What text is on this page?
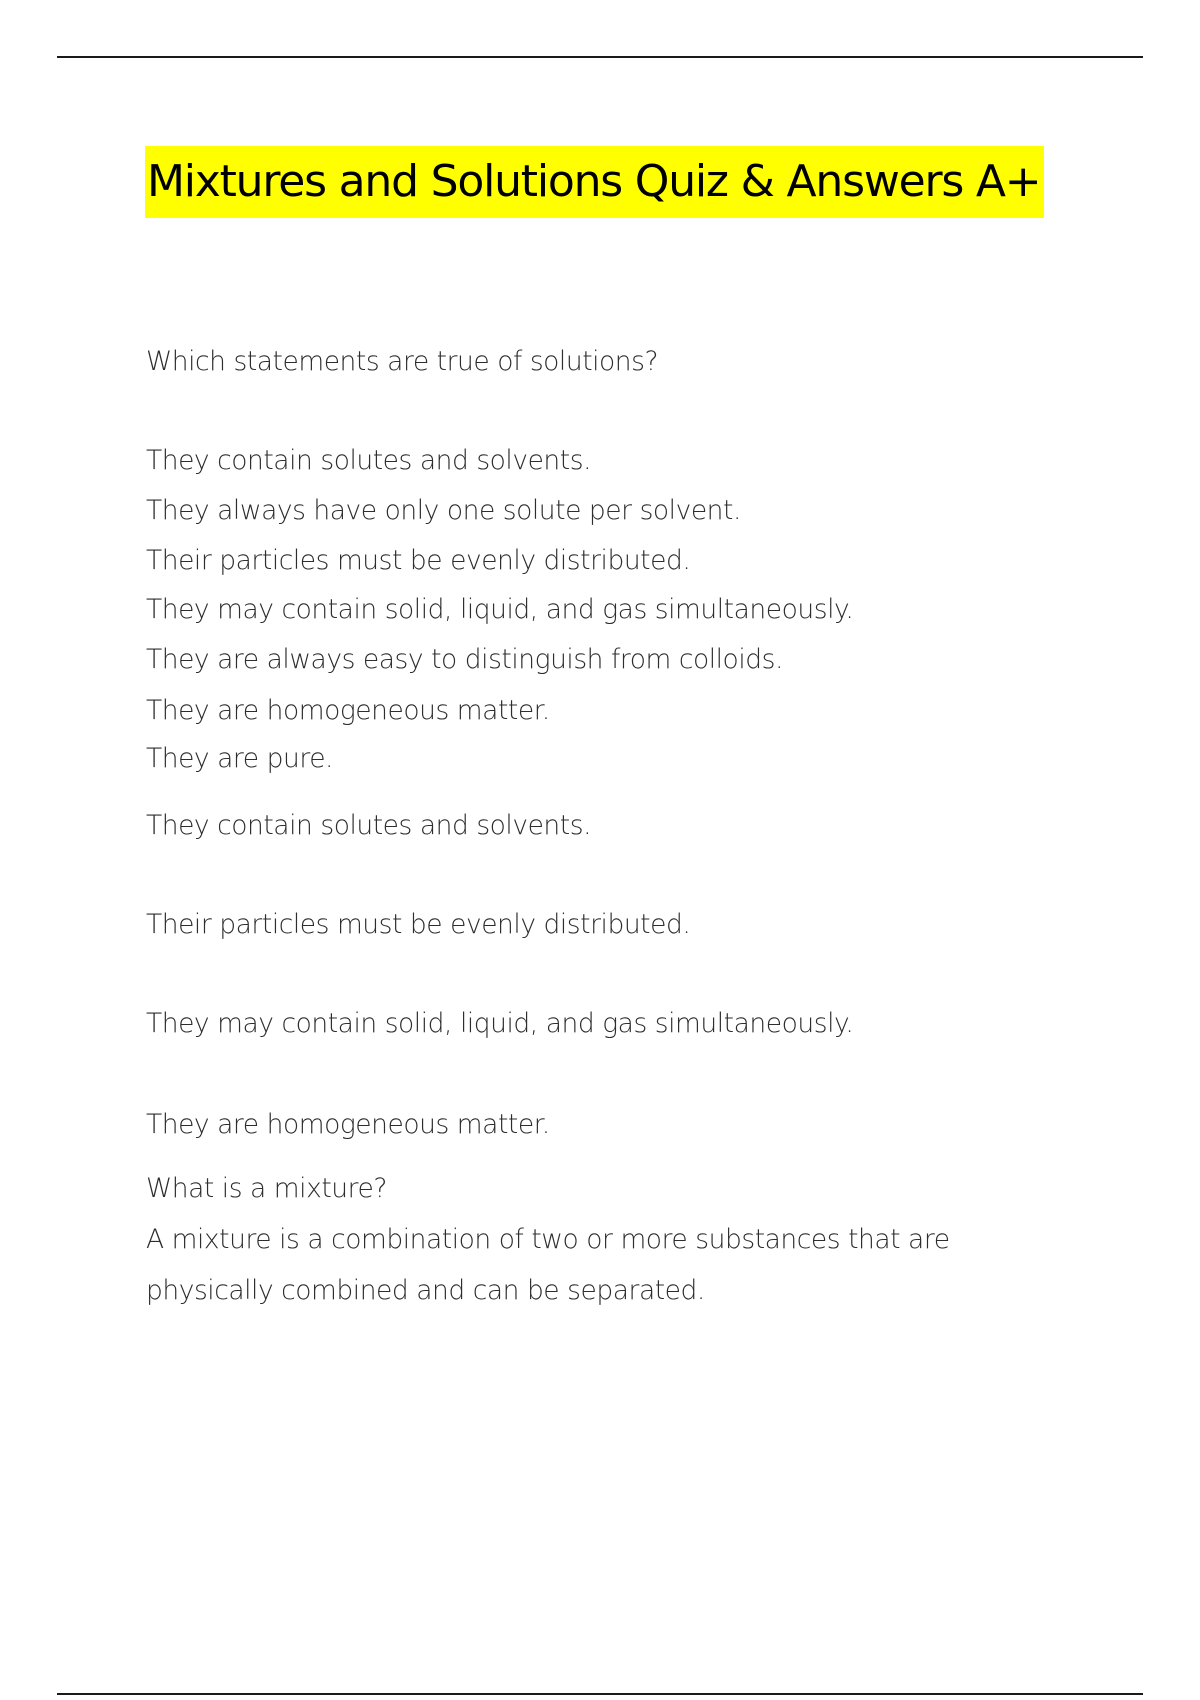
Mixtures and Solutions Quiz & Answers A+
Which statements are true of solutions?
They contain solutes and solvents.
They always have only one solute per solvent.
Their particles must be evenly distributed.
They may contain solid, liquid, and gas simultaneously.
They are always easy to distinguish from colloids.
They are homogeneous matter.
They are pure.
They contain solutes and solvents.
Their particles must be evenly distributed.
They may contain solid, liquid, and gas simultaneously.
They are homogeneous matter.
What is a mixture?
A mixture is a combination of two or more substances that are
physically combined and can be separated.
